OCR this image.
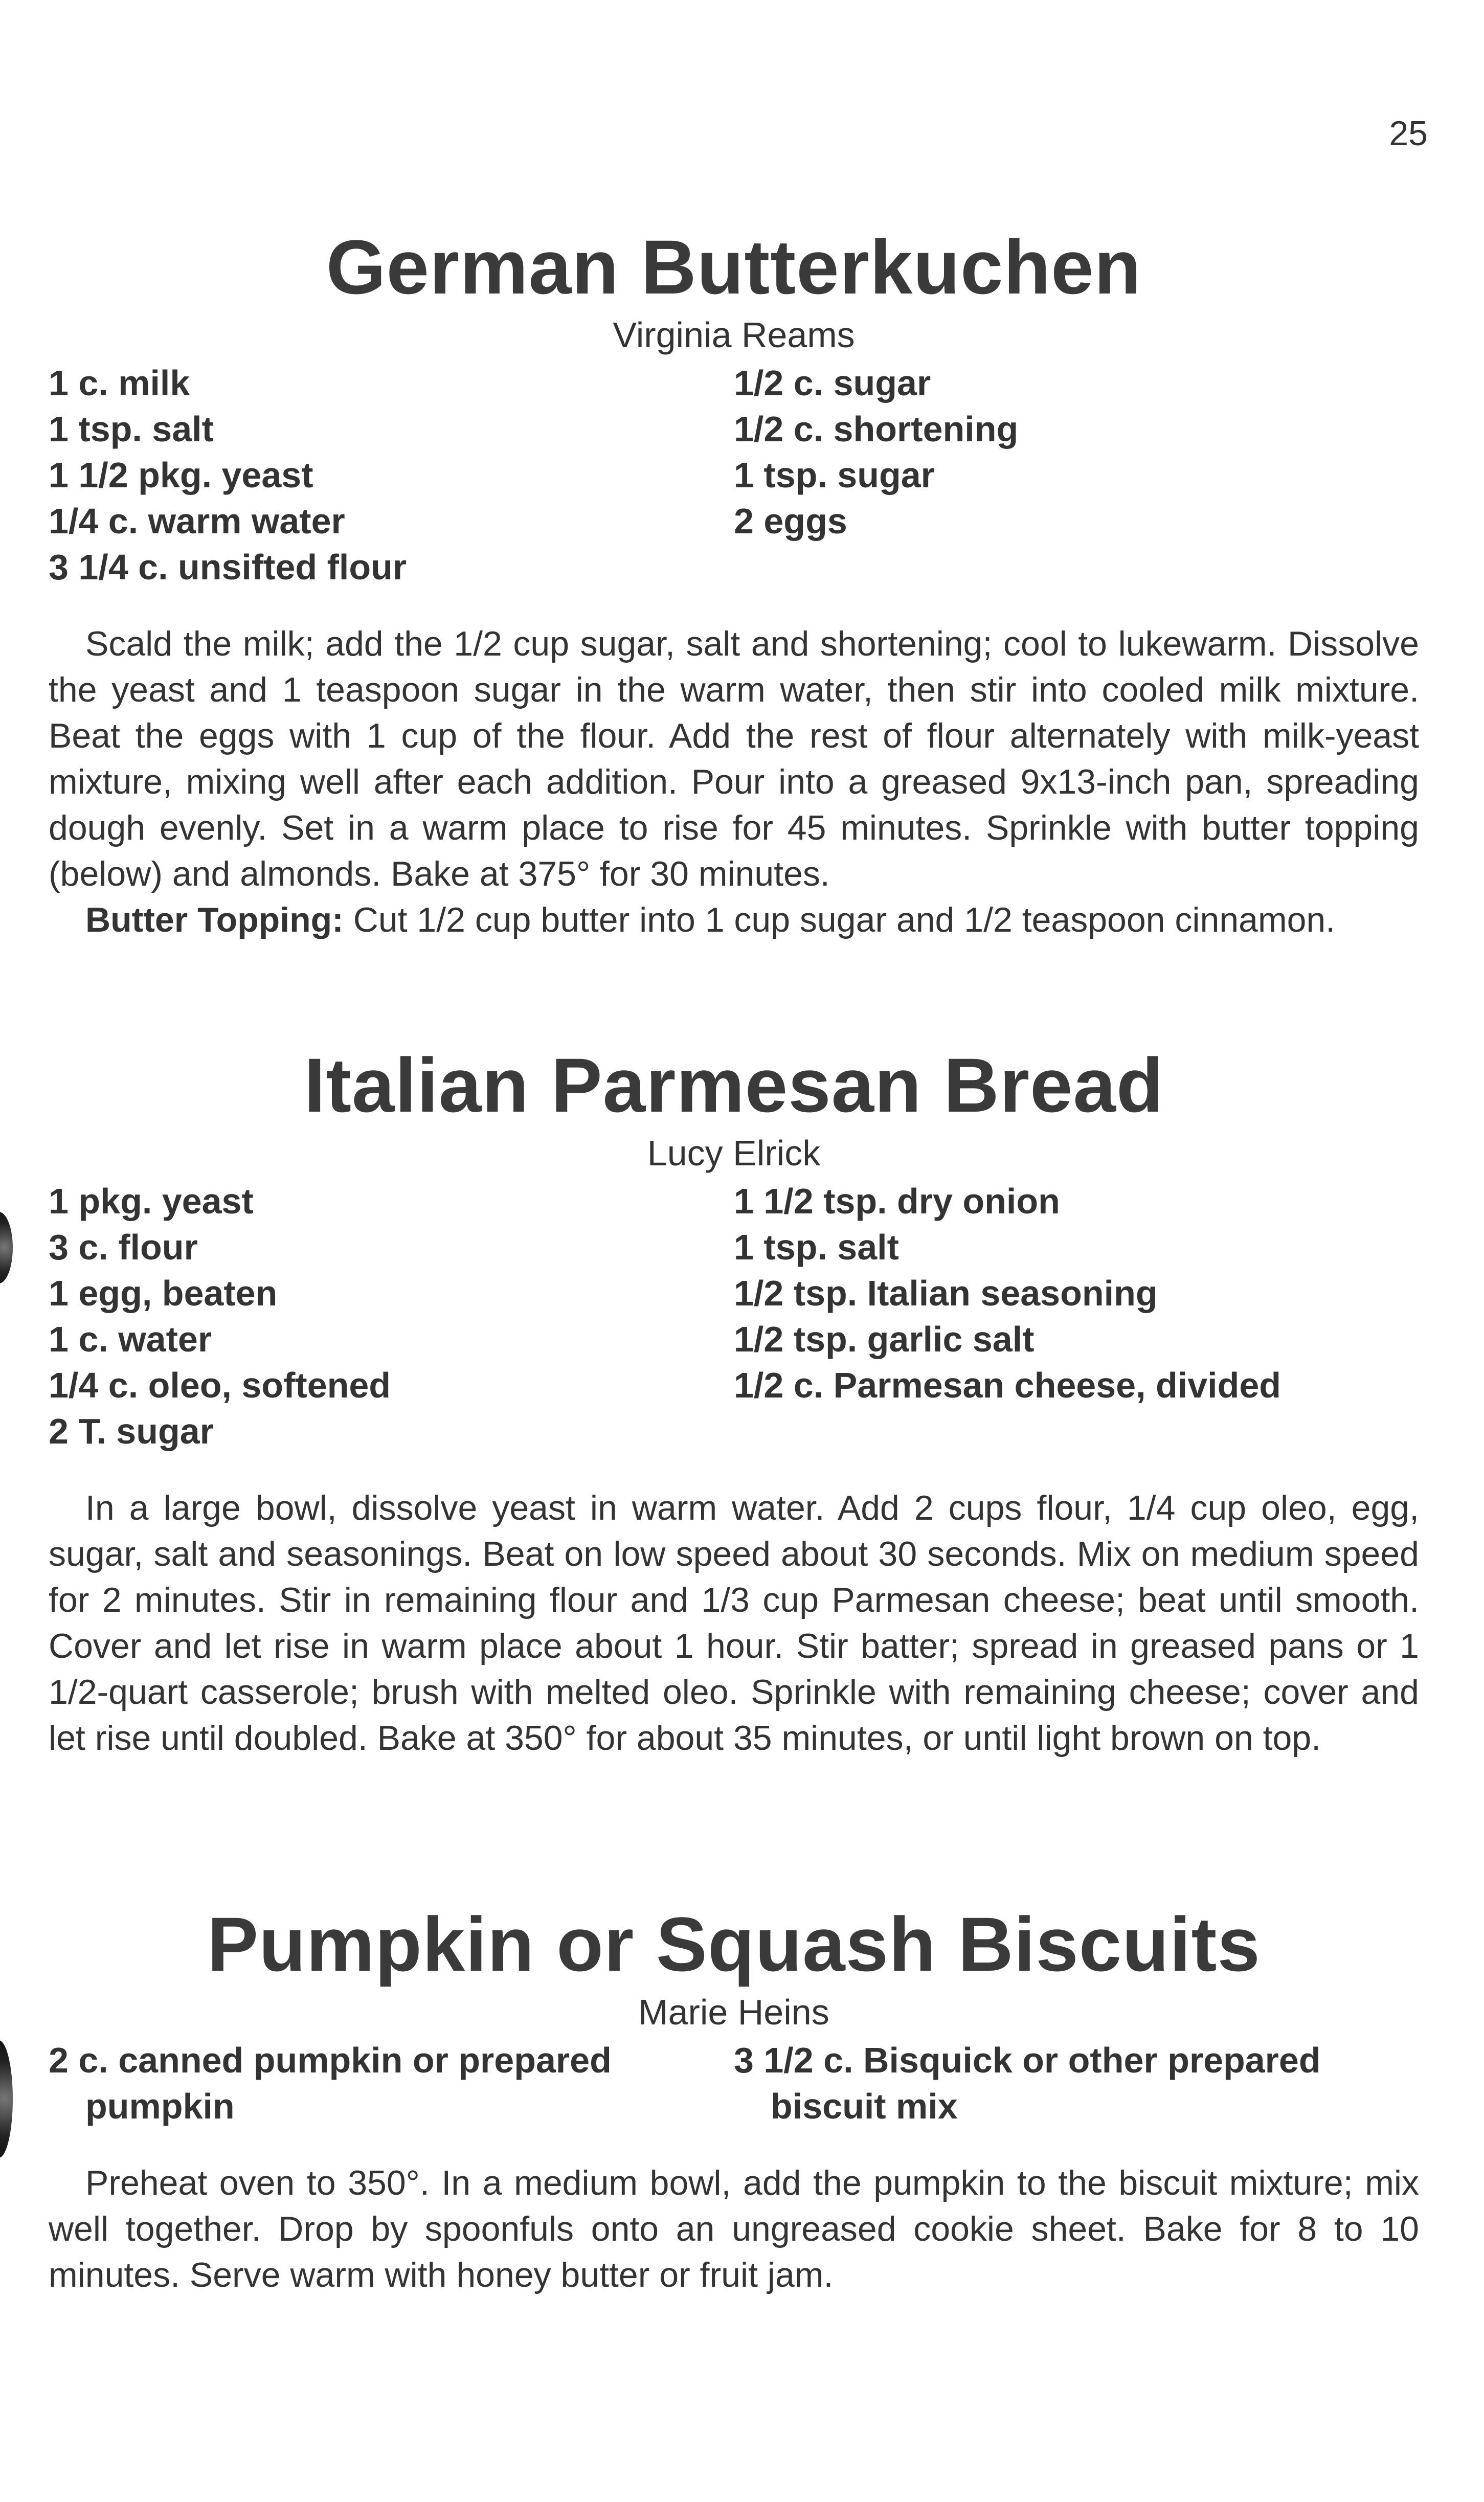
25
German Butterkuchen
Virginia Reams
1 c. milk
1 tsp. salt
1 1/2 pkg. yeast
1/4 c. warm water
3 1/4 c. unsifted flour
1/2 c. sugar
1/2 c. shortening
1 tsp. sugar
2 eggs

Scald the milk; add the 1/2 cup sugar, salt and shortening; cool to lukewarm. Dissolve the yeast and 1 teaspoon sugar in the warm water, then stir into cooled milk mixture. Beat the eggs with 1 cup of the flour. Add the rest of flour alternately with milk-yeast mixture, mixing well after each addition. Pour into a greased 9x13-inch pan, spreading dough evenly. Set in a warm place to rise for 45 minutes. Sprinkle with butter topping (below) and almonds. Bake at 375° for 30 minutes.

Butter Topping: Cut 1/2 cup butter into 1 cup sugar and 1/2 teaspoon cinnamon.

Italian Parmesan Bread
Lucy Elrick
1 pkg. yeast
3 c. flour
1 egg, beaten
1 c. water
1/4 c. oleo, softened
2 T. sugar
1 1/2 tsp. dry onion
1 tsp. salt
1/2 tsp. Italian seasoning
1/2 tsp. garlic salt
1/2 c. Parmesan cheese, divided

In a large bowl, dissolve yeast in warm water. Add 2 cups flour, 1/4 cup oleo, egg, sugar, salt and seasonings. Beat on low speed about 30 seconds. Mix on medium speed for 2 minutes. Stir in remaining flour and 1/3 cup Parmesan cheese; beat until smooth. Cover and let rise in warm place about 1 hour. Stir batter; spread in greased pans or 1 1/2-quart casserole; brush with melted oleo. Sprinkle with remaining cheese; cover and let rise until doubled. Bake at 350° for about 35 minutes, or until light brown on top.

Pumpkin or Squash Biscuits
Marie Heins
2 c. canned pumpkin or prepared pumpkin
3 1/2 c. Bisquick or other prepared biscuit mix

Preheat oven to 350°. In a medium bowl, add the pumpkin to the biscuit mixture; mix well together. Drop by spoonfuls onto an ungreased cookie sheet. Bake for 8 to 10 minutes. Serve warm with honey butter or fruit jam.
